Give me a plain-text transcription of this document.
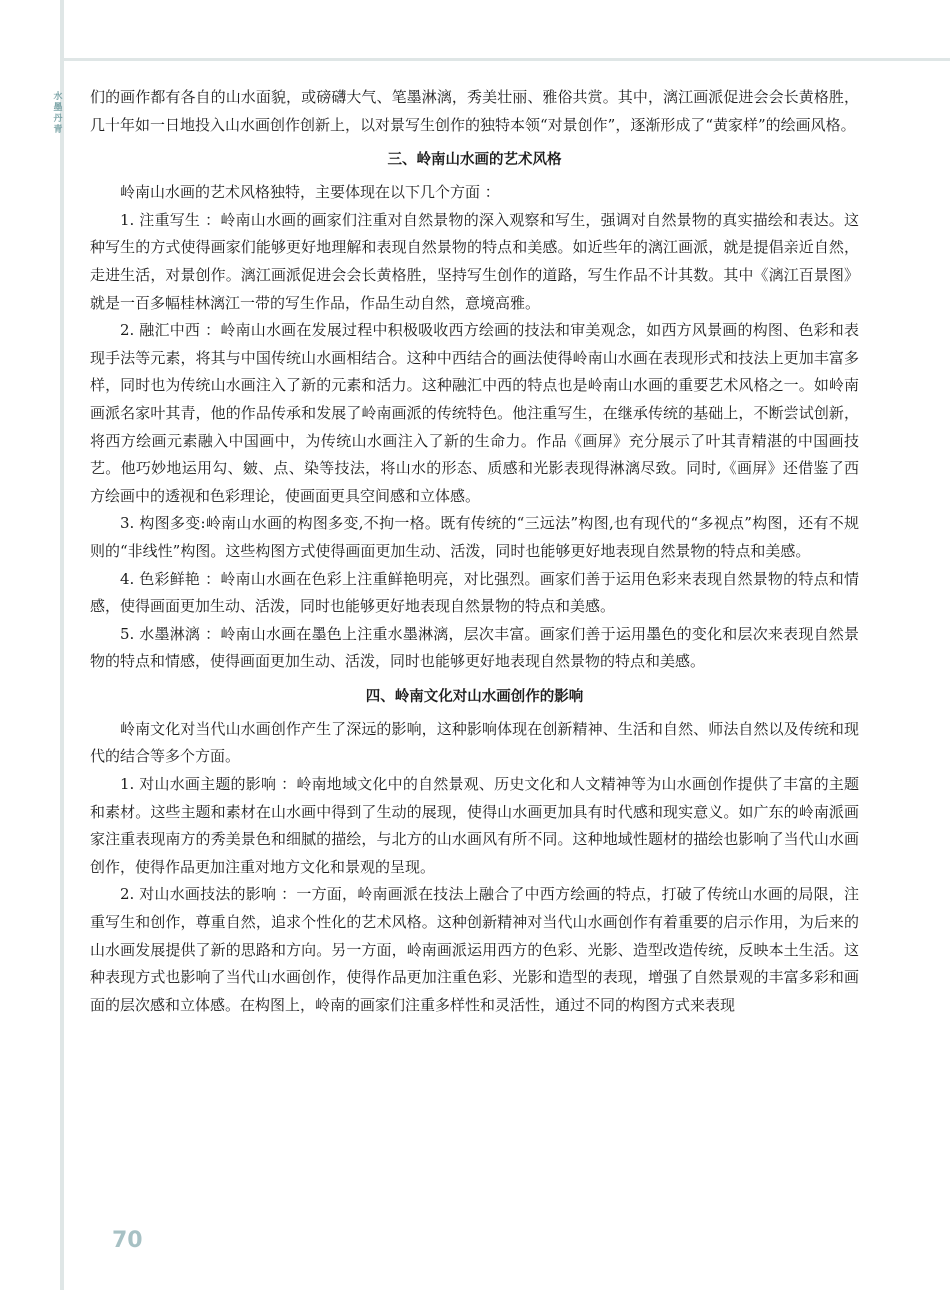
水墨丹青

们的画作都有各自的山水面貌，或磅礴大气、笔墨淋漓，秀美壮丽、雅俗共赏。其中，漓江画派促进会会长黄格胜，几十年如一日地投入山水画创作创新上，以对景写生创作的独特本领“对景创作”，逐渐形成了“黄家样”的绘画风格。

三、岭南山水画的艺术风格

岭南山水画的艺术风格独特，主要体现在以下几个方面 ：

1. 注重写生 ：岭南山水画的画家们注重对自然景物的深入观察和写生，强调对自然景物的真实描绘和表达。这种写生的方式使得画家们能够更好地理解和表现自然景物的特点和美感。如近些年的漓江画派，就是提倡亲近自然，走进生活，对景创作。漓江画派促进会会长黄格胜，坚持写生创作的道路，写生作品不计其数。其中《漓江百景图》就是一百多幅桂林漓江一带的写生作品，作品生动自然，意境高雅。

2. 融汇中西 ：岭南山水画在发展过程中积极吸收西方绘画的技法和审美观念，如西方风景画的构图、色彩和表现手法等元素，将其与中国传统山水画相结合。这种中西结合的画法使得岭南山水画在表现形式和技法上更加丰富多样，同时也为传统山水画注入了新的元素和活力。这种融汇中西的特点也是岭南山水画的重要艺术风格之一。如岭南画派名家叶其青，他的作品传承和发展了岭南画派的传统特色。他注重写生，在继承传统的基础上，不断尝试创新，将西方绘画元素融入中国画中，为传统山水画注入了新的生命力。作品《画屏》充分展示了叶其青精湛的中国画技艺。他巧妙地运用勾、皴、点、染等技法，将山水的形态、质感和光影表现得淋漓尽致。同时,《画屏》还借鉴了西方绘画中的透视和色彩理论，使画面更具空间感和立体感。

3. 构图多变:岭南山水画的构图多变,不拘一格。既有传统的“三远法”构图,也有现代的“多视点”构图，还有不规则的“非线性”构图。这些构图方式使得画面更加生动、活泼，同时也能够更好地表现自然景物的特点和美感。

4. 色彩鲜艳 ：岭南山水画在色彩上注重鲜艳明亮，对比强烈。画家们善于运用色彩来表现自然景物的特点和情感，使得画面更加生动、活泼，同时也能够更好地表现自然景物的特点和美感。

5. 水墨淋漓 ：岭南山水画在墨色上注重水墨淋漓，层次丰富。画家们善于运用墨色的变化和层次来表现自然景物的特点和情感，使得画面更加生动、活泼，同时也能够更好地表现自然景物的特点和美感。

四、岭南文化对山水画创作的影响

岭南文化对当代山水画创作产生了深远的影响，这种影响体现在创新精神、生活和自然、师法自然以及传统和现代的结合等多个方面。

1. 对山水画主题的影响 ：岭南地域文化中的自然景观、历史文化和人文精神等为山水画创作提供了丰富的主题和素材。这些主题和素材在山水画中得到了生动的展现，使得山水画更加具有时代感和现实意义。如广东的岭南派画家注重表现南方的秀美景色和细腻的描绘，与北方的山水画风有所不同。这种地域性题材的描绘也影响了当代山水画创作，使得作品更加注重对地方文化和景观的呈现。

2. 对山水画技法的影响 ：一方面，岭南画派在技法上融合了中西方绘画的特点，打破了传统山水画的局限，注重写生和创作，尊重自然，追求个性化的艺术风格。这种创新精神对当代山水画创作有着重要的启示作用，为后来的山水画发展提供了新的思路和方向。另一方面，岭南画派运用西方的色彩、光影、造型改造传统，反映本土生活。这种表现方式也影响了当代山水画创作，使得作品更加注重色彩、光影和造型的表现，增强了自然景观的丰富多彩和画面的层次感和立体感。在构图上，岭南的画家们注重多样性和灵活性，通过不同的构图方式来表现

70
